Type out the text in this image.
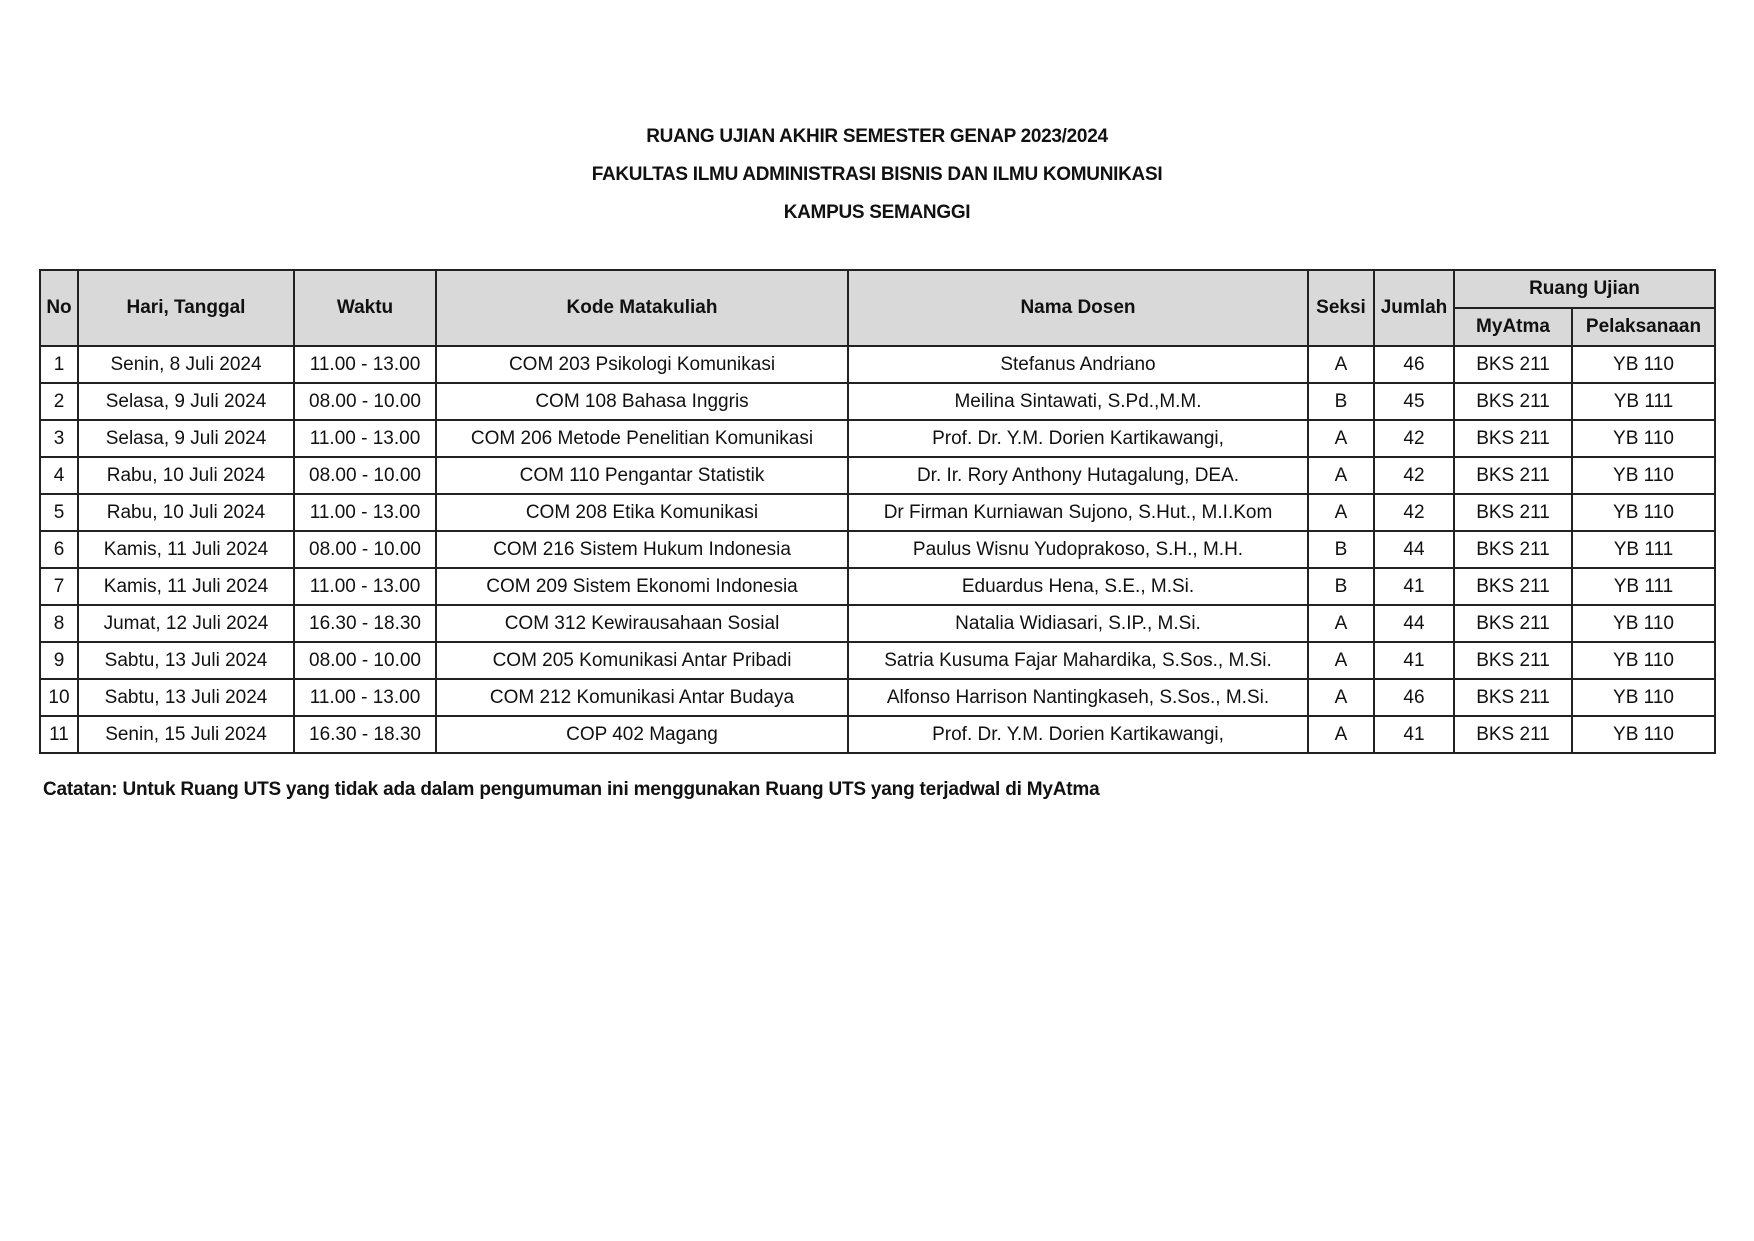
RUANG UJIAN AKHIR SEMESTER GENAP 2023/2024
FAKULTAS ILMU ADMINISTRASI BISNIS DAN ILMU KOMUNIKASI
KAMPUS SEMANGGI
No	Hari, Tanggal	Waktu	Kode Matakuliah	Nama Dosen	Seksi	Jumlah	Ruang Ujian	
							MyAtma	Pelaksanaan
1	Senin, 8 Juli 2024	11.00 - 13.00	COM 203 Psikologi Komunikasi	Stefanus Andriano	A	46	BKS 211	YB 110
2	Selasa, 9 Juli 2024	08.00 - 10.00	COM 108 Bahasa Inggris	Meilina Sintawati, S.Pd.,M.M.	B	45	BKS 211	YB 111
3	Selasa, 9 Juli 2024	11.00 - 13.00	COM 206 Metode Penelitian Komunikasi	Prof. Dr. Y.M. Dorien Kartikawangi,	A	42	BKS 211	YB 110
4	Rabu, 10 Juli 2024	08.00 - 10.00	COM 110 Pengantar Statistik	Dr. Ir. Rory Anthony Hutagalung, DEA.	A	42	BKS 211	YB 110
5	Rabu, 10 Juli 2024	11.00 - 13.00	COM 208 Etika Komunikasi	Dr Firman Kurniawan Sujono, S.Hut., M.I.Kom	A	42	BKS 211	YB 110
6	Kamis, 11 Juli 2024	08.00 - 10.00	COM 216 Sistem Hukum Indonesia	Paulus Wisnu Yudoprakoso, S.H., M.H.	B	44	BKS 211	YB 111
7	Kamis, 11 Juli 2024	11.00 - 13.00	COM 209 Sistem Ekonomi Indonesia	Eduardus Hena, S.E., M.Si.	B	41	BKS 211	YB 111
8	Jumat, 12 Juli 2024	16.30 - 18.30	COM 312 Kewirausahaan Sosial	Natalia Widiasari, S.IP., M.Si.	A	44	BKS 211	YB 110
9	Sabtu, 13 Juli 2024	08.00 - 10.00	COM 205 Komunikasi Antar Pribadi	Satria Kusuma Fajar Mahardika, S.Sos., M.Si.	A	41	BKS 211	YB 110
10	Sabtu, 13 Juli 2024	11.00 - 13.00	COM 212 Komunikasi Antar Budaya	Alfonso Harrison Nantingkaseh, S.Sos., M.Si.	A	46	BKS 211	YB 110
11	Senin, 15 Juli 2024	16.30 - 18.30	COP 402 Magang	Prof. Dr. Y.M. Dorien Kartikawangi,	A	41	BKS 211	YB 110
Catatan: Untuk Ruang UTS yang tidak ada dalam pengumuman ini menggunakan Ruang UTS yang terjadwal di MyAtma
